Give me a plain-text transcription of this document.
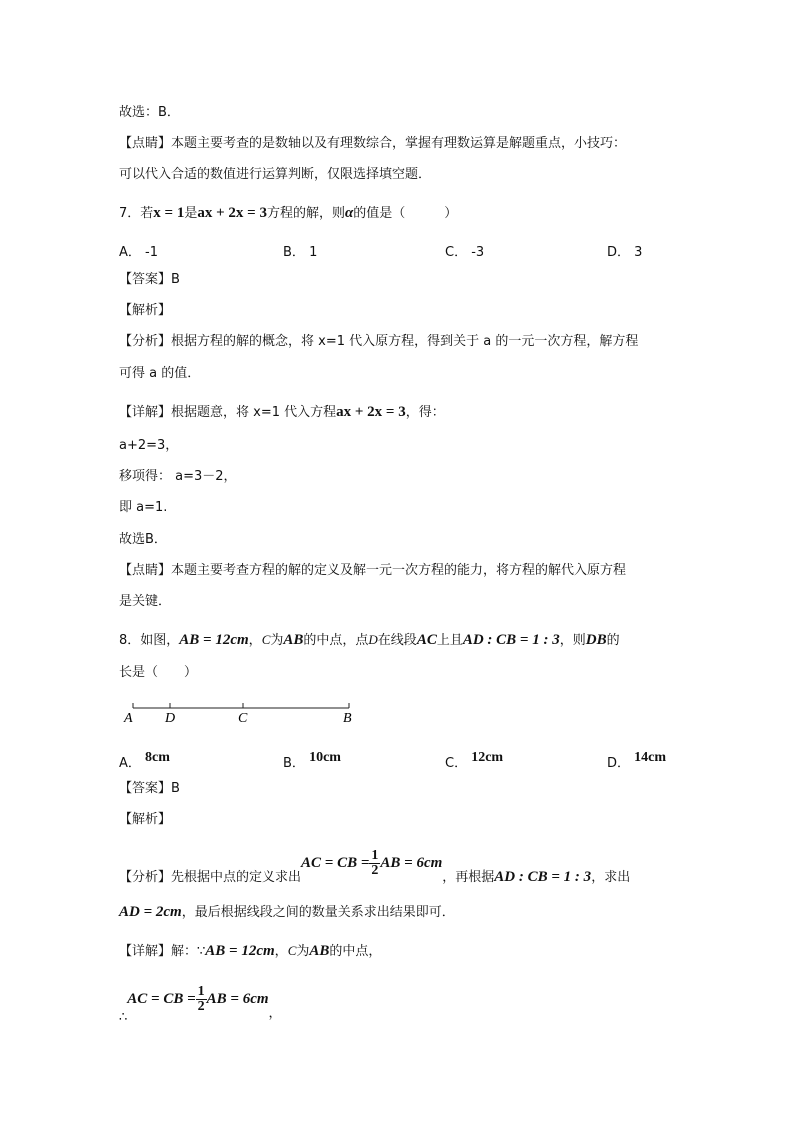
故选：B．
【点睛】本题主要考查的是数轴以及有理数综合，掌握有理数运算是解题重点，小技巧：
可以代入合适的数值进行运算判断，仅限选择填空题．
7．若x = 1是ax + 2x = 3方程的解，则α的值是（　　　）
A． -1	B． 1	C． -3	D． 3
【答案】B
【解析】
【分析】根据方程的解的概念，将 x=1 代入原方程，得到关于 a 的一元一次方程，解方程
可得 a 的值．
【详解】根据题意，将 x=1 代入方程ax + 2x = 3，得：
a+2=3，
移项得： a=3－2，
即 a=1.
故选B．
【点睛】本题主要考查方程的解的定义及解一元一次方程的能力，将方程的解代入原方程
是关键．
8．如图，AB = 12cm，C为AB的中点，点D在线段AC上且AD : CB = 1 : 3，则DB的
长是（　　）
A D	C	B
A． 8cm	B． 10cm	C． 12cm	D． 14cm
【答案】B
【解析】
【分析】先根据中点的定义求出AC = CB = $\frac{1}{2}$ AB = 6cm，再根据AD : CB = 1 : 3，求出
AD = 2cm，最后根据线段之间的数量关系求出结果即可．
【详解】解：∵AB = 12cm，C为AB的中点，
∴AC = CB = $\frac{1}{2}$ AB = 6cm，
